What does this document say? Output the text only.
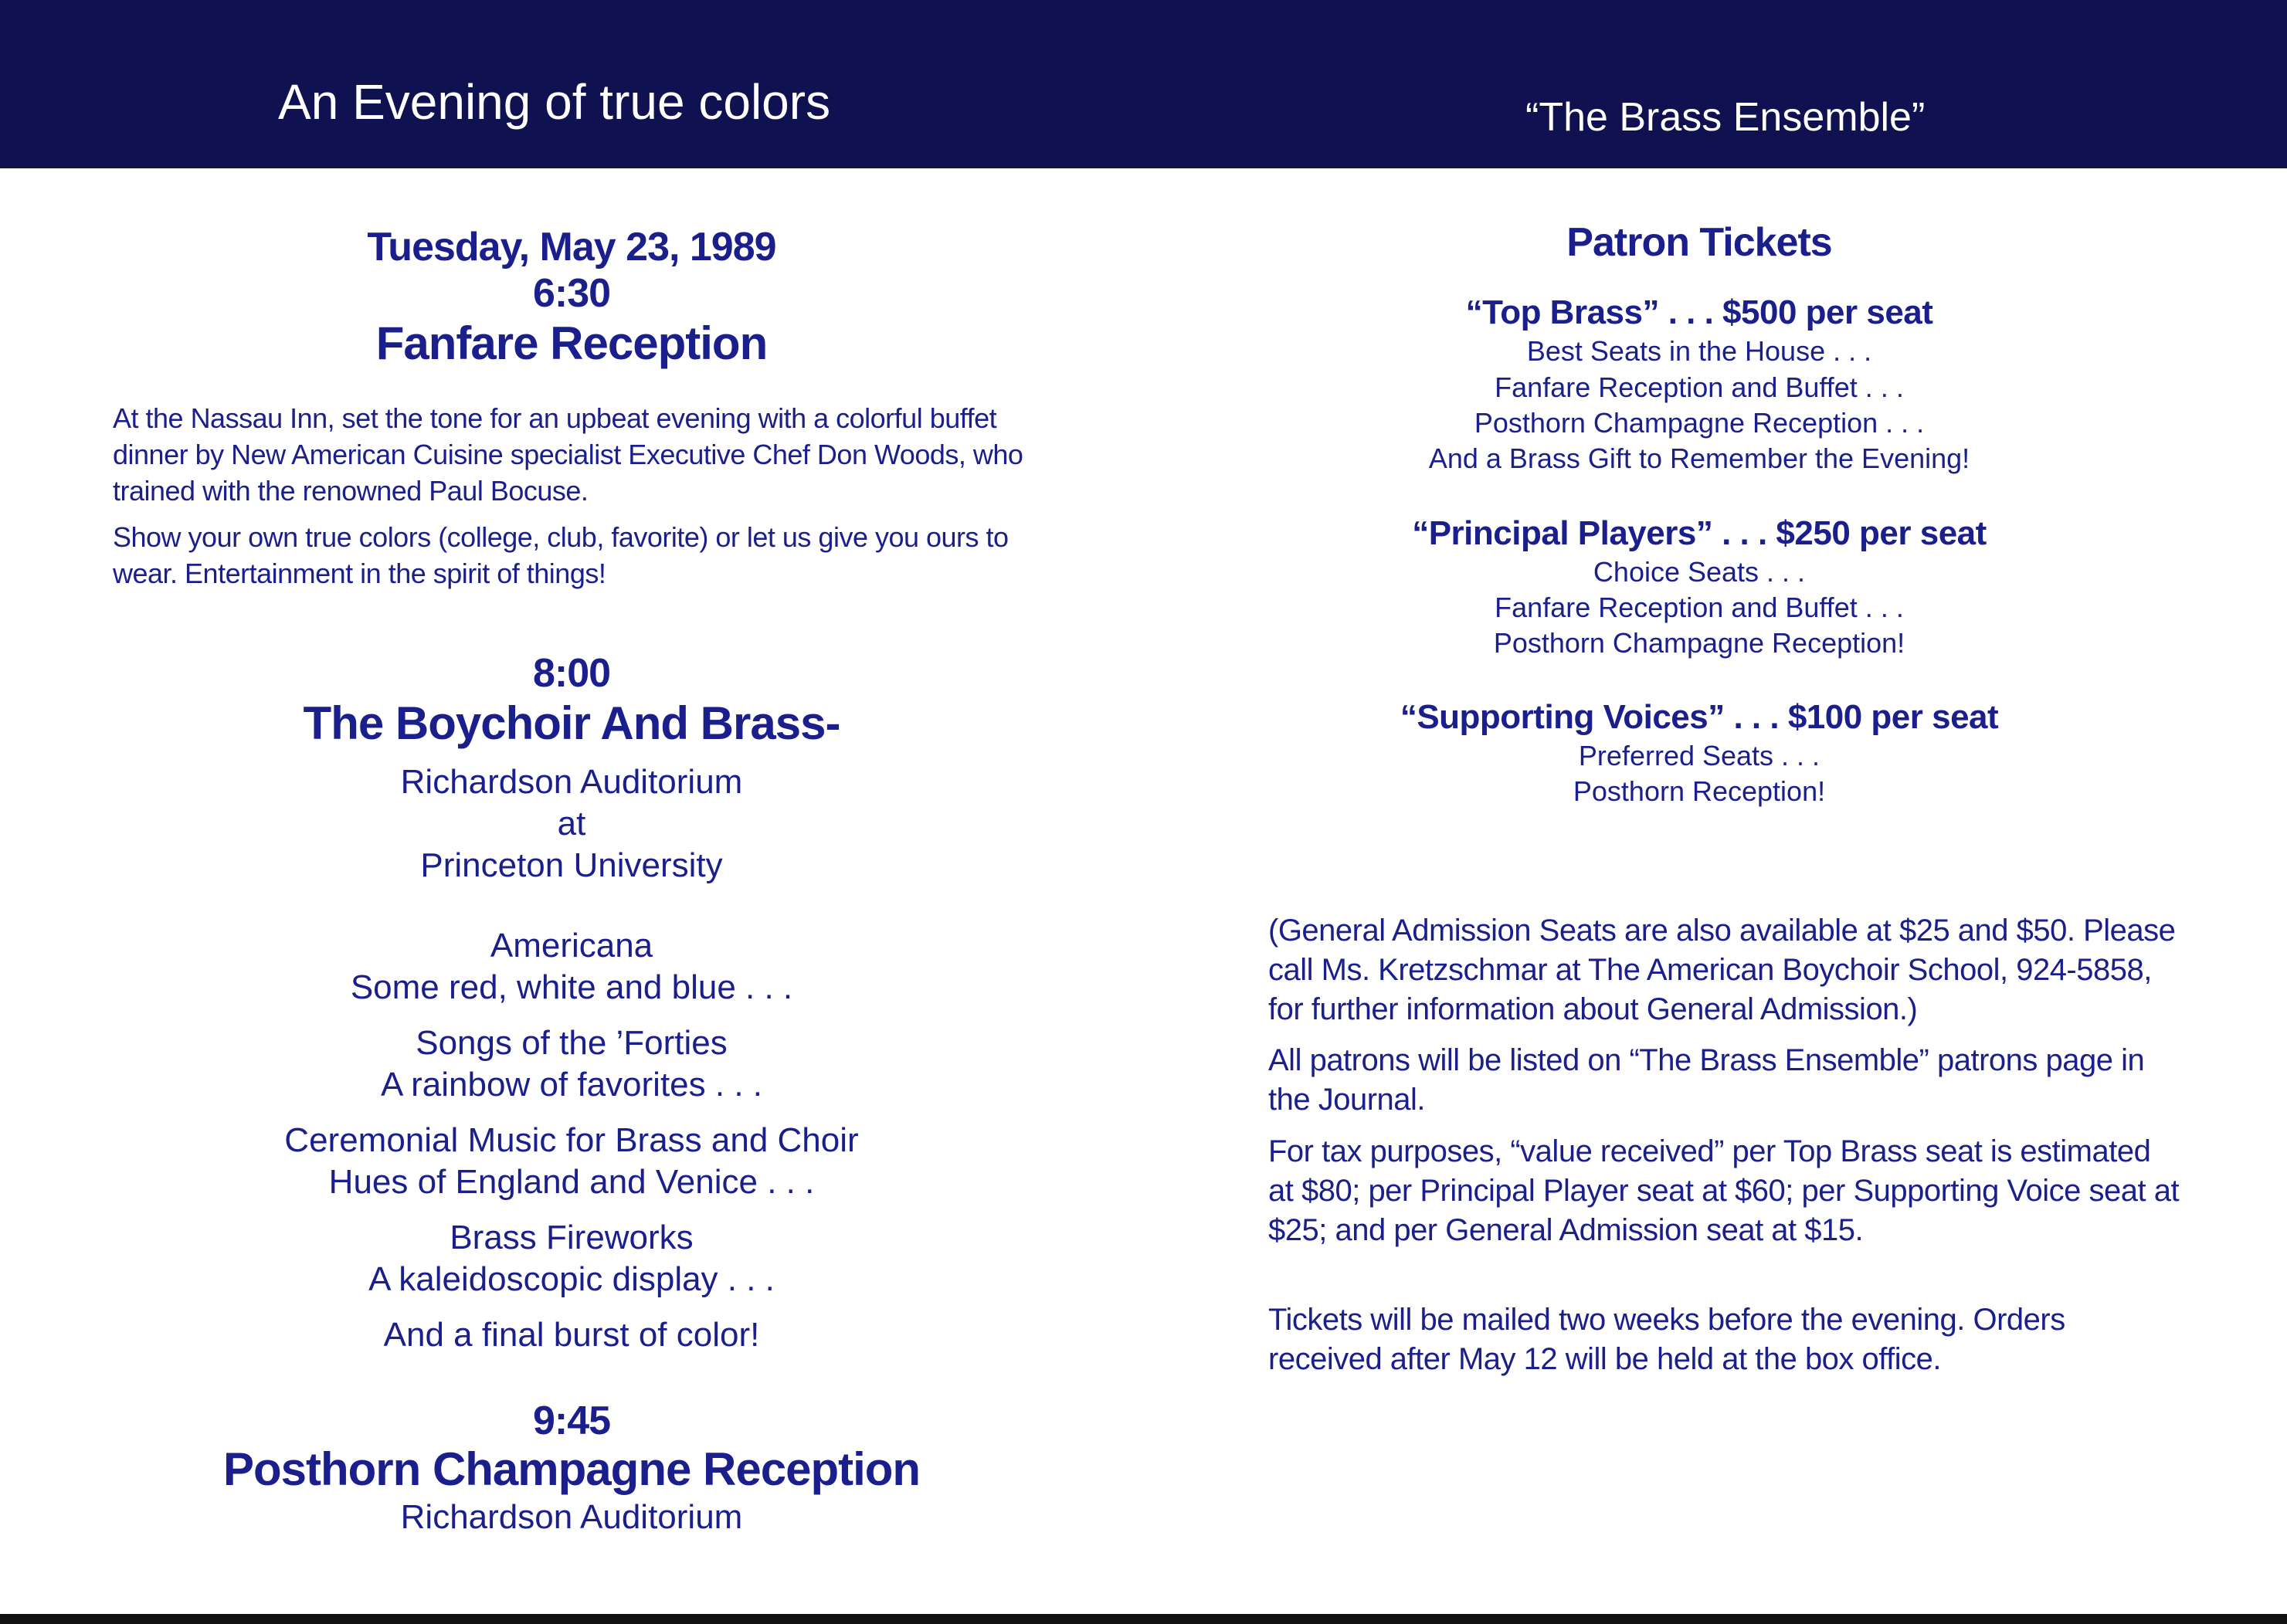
An Evening of true colors	“The Brass Ensemble”
Tuesday, May 23, 1989
6:30
Fanfare Reception
At the Nassau Inn, set the tone for an upbeat evening with a colorful buffet dinner by New American Cuisine specialist Executive Chef Don Woods, who trained with the renowned Paul Bocuse.
Show your own true colors (college, club, favorite) or let us give you ours to wear. Entertainment in the spirit of things!
8:00
The Boychoir And Brass-
Richardson Auditorium
at
Princeton University
Americana
Some red, white and blue . . .
Songs of the ’Forties
A rainbow of favorites . . .
Ceremonial Music for Brass and Choir
Hues of England and Venice . . .
Brass Fireworks
A kaleidoscopic display . . .
And a final burst of color!
9:45
Posthorn Champagne Reception
Richardson Auditorium
Patron Tickets
“Top Brass” . . . $500 per seat
Best Seats in the House . . .
Fanfare Reception and Buffet . . .
Posthorn Champagne Reception . . .
And a Brass Gift to Remember the Evening!
“Principal Players” . . . $250 per seat
Choice Seats . . .
Fanfare Reception and Buffet . . .
Posthorn Champagne Reception!
“Supporting Voices” . . . $100 per seat
Preferred Seats . . .
Posthorn Reception!
(General Admission Seats are also available at $25 and $50. Please call Ms. Kretzschmar at The American Boychoir School, 924-5858, for further information about General Admission.)
All patrons will be listed on “The Brass Ensemble” patrons page in the Journal.
For tax purposes, “value received” per Top Brass seat is estimated at $80; per Principal Player seat at $60; per Supporting Voice seat at $25; and per General Admission seat at $15.
Tickets will be mailed two weeks before the evening. Orders received after May 12 will be held at the box office.
